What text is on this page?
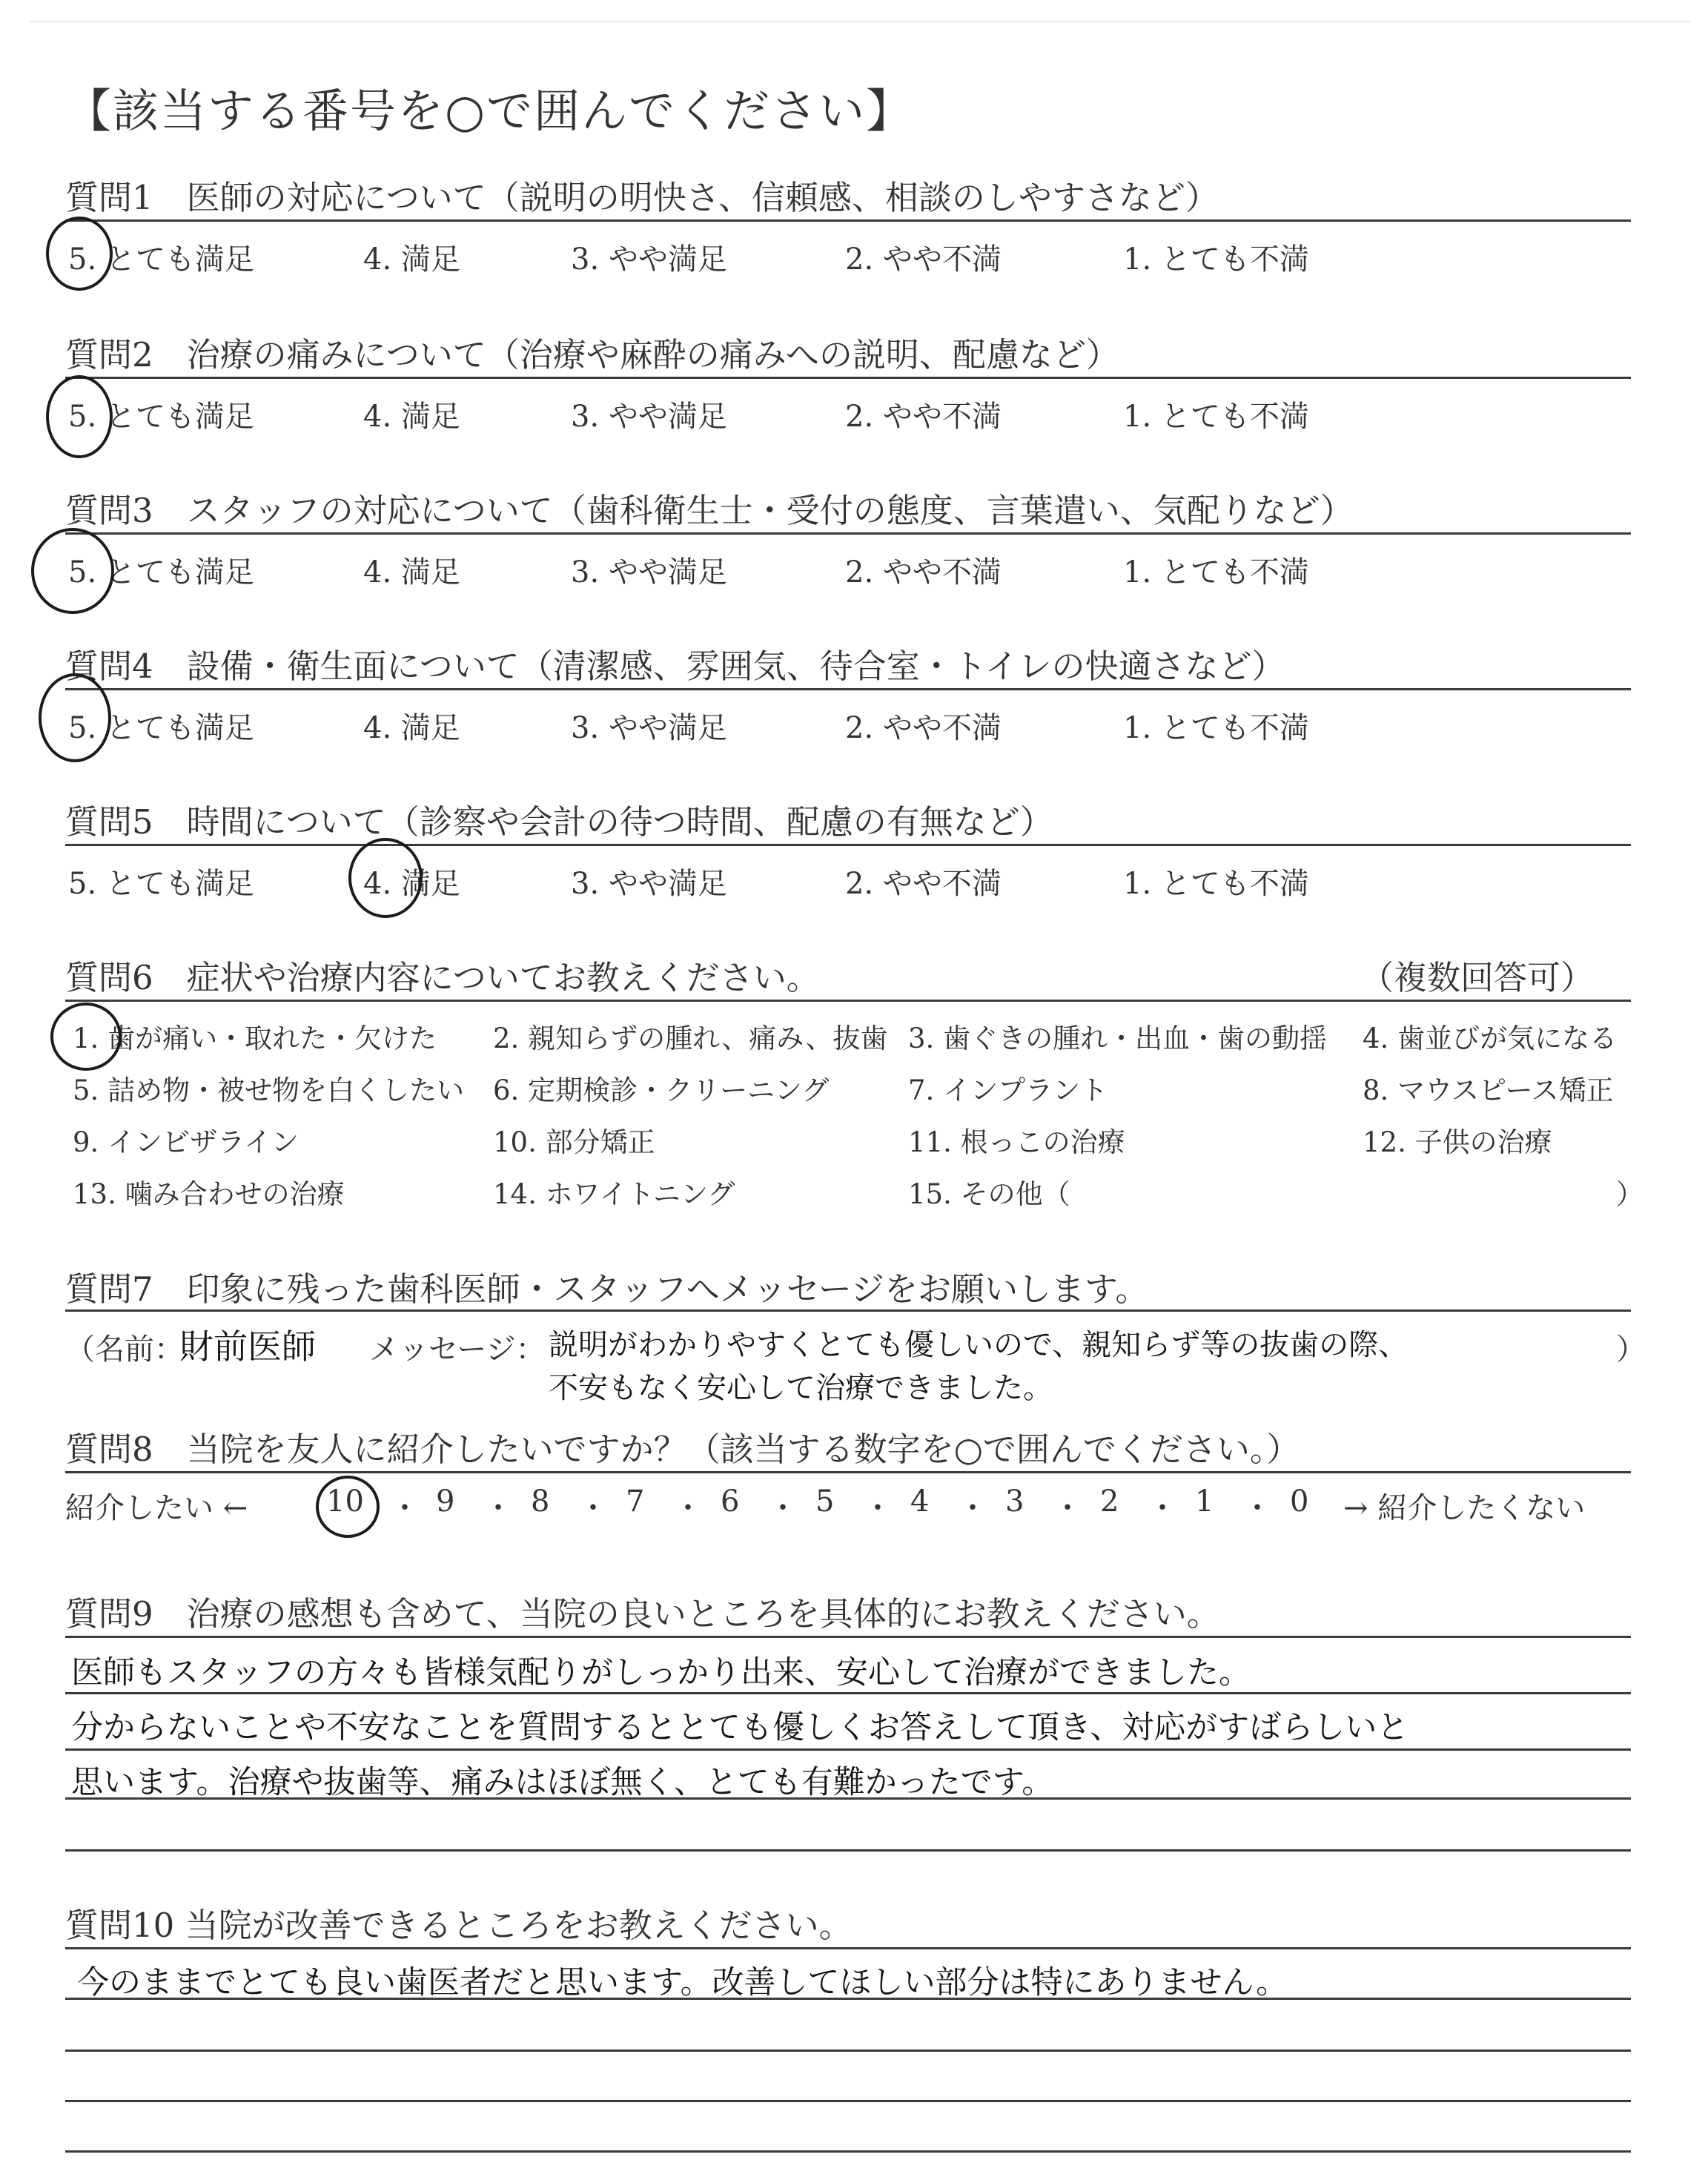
【該当する番号を○で囲んでください】
質問1　医師の対応について（説明の明快さ、信頼感、相談のしやすさなど）
5. とても満足	4. 満足	3. やや満足	2. やや不満	1. とても不満
質問2　治療の痛みについて（治療や麻酔の痛みへの説明、配慮など）
5. とても満足	4. 満足	3. やや満足	2. やや不満	1. とても不満
質問3　スタッフの対応について（歯科衛生士・受付の態度、言葉遣い、気配りなど）
5. とても満足	4. 満足	3. やや満足	2. やや不満	1. とても不満
質問4　設備・衛生面について（清潔感、雰囲気、待合室・トイレの快適さなど）
5. とても満足	4. 満足	3. やや満足	2. やや不満	1. とても不満
質問5　時間について（診察や会計の待つ時間、配慮の有無など）
5. とても満足	4. 満足	3. やや満足	2. やや不満	1. とても不満
質問6　症状や治療内容についてお教えください。	（複数回答可）
1. 歯が痛い・取れた・欠けた 2. 親知らずの腫れ、痛み、抜歯 3. 歯ぐきの腫れ・出血・歯の動揺 4. 歯並びが気になる
5. 詰め物・被せ物を白くしたい 6. 定期検診・クリーニング	7. インプラント	8. マウスピース矯正
9. インビザライン	10. 部分矯正	11. 根っこの治療	12. 子供の治療
13. 噛み合わせの治療	14. ホワイトニング	15. その他（	）
質問7　印象に残った歯科医師・スタッフへメッセージをお願いします。
（名前：
財前医師 メッセージ： 説明がわかりやすくとても優しいので、親知らず等の抜歯の際、
不安もなく安心して治療できました。
）
質問8　当院を友人に紹介したいですか？（該当する数字を○で囲んでください。）
紹介したい ←	10 ・ 9 ・ 8 ・ 7 ・ 6 ・ 5 ・ 4 ・ 3 ・ 2 ・ 1 ・ 0 → 紹介したくない
質問9　治療の感想も含めて、当院の良いところを具体的にお教えください。
医師もスタッフの方々も皆様気配りがしっかり出来、安心して治療ができました。
分からないことや不安なことを質問するととても優しくお答えして頂き、対応がすばらしいと
思います。治療や抜歯等、痛みはほぼ無く、とても有難かったです。
質問10 当院が改善できるところをお教えください。
今のままでとても良い歯医者だと思います。改善してほしい部分は特にありません。
